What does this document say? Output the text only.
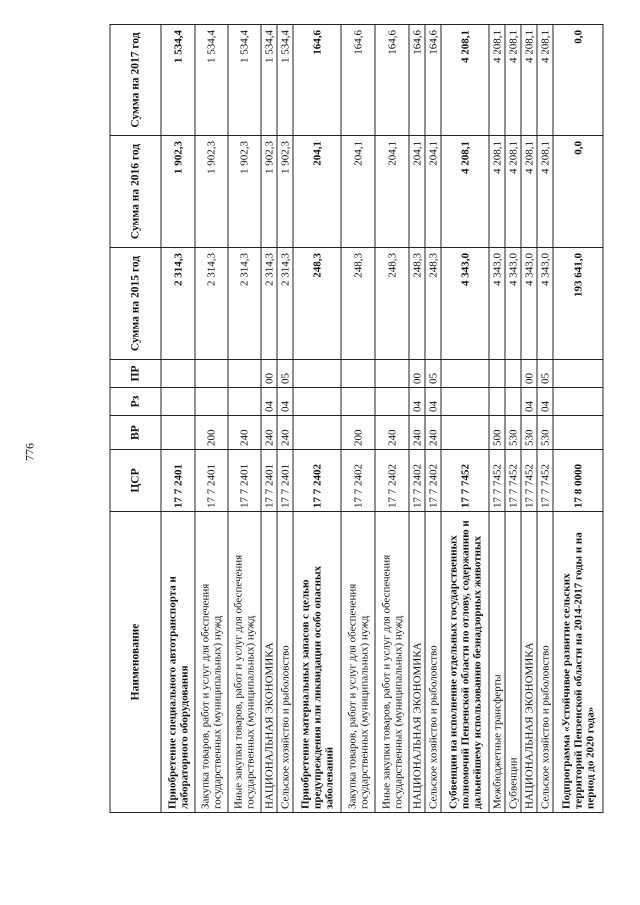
776
Наименование	ЦСР	ВР	Рз	ПР	Сумма на 2015 год	Сумма на 2016 год	Сумма на 2017 год
Приобретение специального автотранспорта и лабораторного оборудования	17 7 2401				2 314,3	1 902,3	1 534,4
Закупка товаров, работ и услуг для обеспечения государственных (муниципальных) нужд	17 7 2401	200			2 314,3	1 902,3	1 534,4
Иные закупки товаров, работ и услуг для обеспечения государственных (муниципальных) нужд	17 7 2401	240			2 314,3	1 902,3	1 534,4
НАЦИОНАЛЬНАЯ ЭКОНОМИКА	17 7 2401	240	04	00	2 314,3	1 902,3	1 534,4
Сельское хозяйство и рыболовство	17 7 2401	240	04	05	2 314,3	1 902,3	1 534,4
Приобретение материальных запасов с целью предупреждения или ликвидации особо опасных заболеваний	17 7 2402				248,3	204,1	164,6
Закупка товаров, работ и услуг для обеспечения государственных (муниципальных) нужд	17 7 2402	200			248,3	204,1	164,6
Иные закупки товаров, работ и услуг для обеспечения государственных (муниципальных) нужд	17 7 2402	240			248,3	204,1	164,6
НАЦИОНАЛЬНАЯ ЭКОНОМИКА	17 7 2402	240	04	00	248,3	204,1	164,6
Сельское хозяйство и рыболовство	17 7 2402	240	04	05	248,3	204,1	164,6
Субвенции на исполнение отдельных государственных полномочий Пензенской области по отлову, содержанию и дальнейшему использованию безнадзорных животных	17 7 7452				4 343,0	4 208,1	4 208,1
Межбюджетные трансферты	17 7 7452	500			4 343,0	4 208,1	4 208,1
Субвенции	17 7 7452	530			4 343,0	4 208,1	4 208,1
НАЦИОНАЛЬНАЯ ЭКОНОМИКА	17 7 7452	530	04	00	4 343,0	4 208,1	4 208,1
Сельское хозяйство и рыболовство	17 7 7452	530	04	05	4 343,0	4 208,1	4 208,1
Подпрограмма «Устойчивое развитие сельских территорий Пензенской области на 2014-2017 годы и на период до 2020 года»	17 8 0000				193 641,0	0,0	0,0
